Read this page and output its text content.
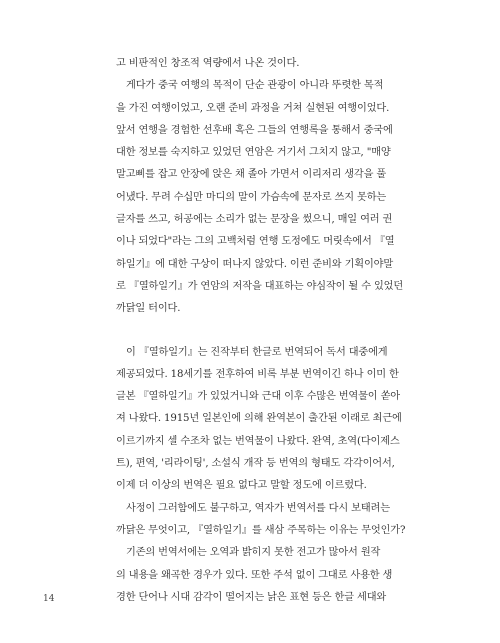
고 비판적인 창조적 역량에서 나온 것이다.
게다가 중국 여행의 목적이 단순 관광이 아니라 뚜렷한 목적
을 가진 여행이었고, 오랜 준비 과정을 거쳐 실현된 여행이었다.
앞서 연행을 경험한 선후배 혹은 그들의 연행록을 통해서 중국에
대한 정보를 숙지하고 있었던 연암은 거기서 그치지 않고, "매양
말고삐를 잡고 안장에 앉은 채 졸아 가면서 이리저리 생각을 풀
어냈다. 무려 수십만 마디의 말이 가슴속에 문자로 쓰지 못하는
글자를 쓰고, 허공에는 소리가 없는 문장을 썼으니, 매일 여러 권
이나 되었다"라는 그의 고백처럼 연행 도정에도 머릿속에서 『열
하일기』에 대한 구상이 떠나지 않았다. 이런 준비와 기획이야말
로 『열하일기』가 연암의 저작을 대표하는 야심작이 될 수 있었던
까닭일 터이다.
이 『열하일기』는 진작부터 한글로 번역되어 독서 대중에게
제공되었다. 18세기를 전후하여 비록 부분 번역이긴 하나 이미 한
글본 『열하일기』가 있었거니와 근대 이후 수많은 번역물이 쏟아
져 나왔다. 1915년 일본인에 의해 완역본이 출간된 이래로 최근에
이르기까지 셀 수조차 없는 번역물이 나왔다. 완역, 초역(다이제스
트), 편역, '리라이팅', 소설식 개작 등 번역의 형태도 각각이어서,
이제 더 이상의 번역은 필요 없다고 말할 정도에 이르렀다.
사정이 그러함에도 불구하고, 역자가 번역서를 다시 보태려는
까닭은 무엇이고, 『열하일기』를 새삼 주목하는 이유는 무엇인가?
기존의 번역서에는 오역과 밝히지 못한 전고가 많아서 원작
의 내용을 왜곡한 경우가 있다. 또한 주석 없이 그대로 사용한 생
경한 단어나 시대 감각이 떨어지는 낡은 표현 등은 한글 세대와
14
